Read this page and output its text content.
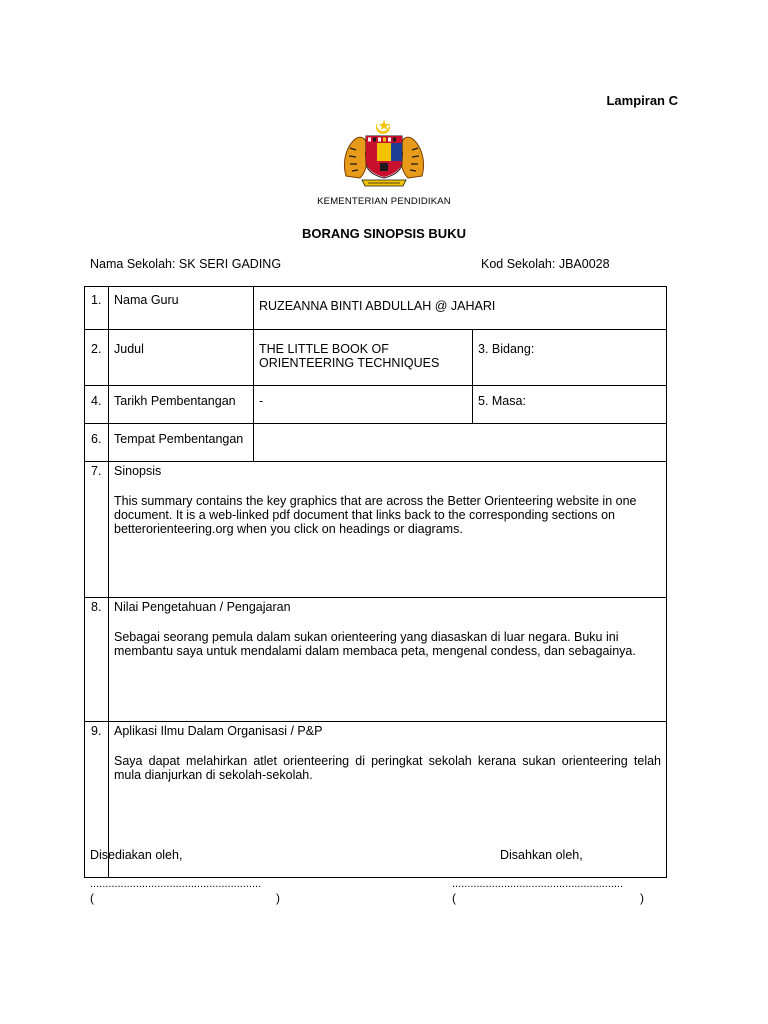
Lampiran C
KEMENTERIAN PENDIDIKAN
BORANG SINOPSIS BUKU
Nama Sekolah: SK SERI GADING	Kod Sekolah: JBA0028
1.	Nama Guru	RUZEANNA BINTI ABDULLAH @ JAHARI	
2.	Judul	THE LITTLE BOOK OF ORIENTEERING TECHNIQUES	3. Bidang:
4.	Tarikh Pembentangan	-	5. Masa:
6.	Tempat Pembentangan		
7.	Sinopsis
This summary contains the key graphics that are across the Better Orienteering website in one document. It is a web-linked pdf document that links back to the corresponding sections on betterorienteering.org when you click on headings or diagrams.		

8.	Nilai Pengetahuan / Pengajaran
Sebagai seorang pemula dalam sukan orienteering yang diasaskan di luar negara. Buku ini membantu saya untuk mendalami dalam membaca peta, mengenal condess, dan sebagainya.		

9.	Aplikasi Ilmu Dalam Organisasi / P&P
Saya dapat melahirkan atlet orienteering di peringkat sekolah kerana sukan orienteering telah mula dianjurkan di sekolah-sekolah.		
Disediakan oleh,	Disahkan oleh,
........................................................	........................................................
(	)	(	)
